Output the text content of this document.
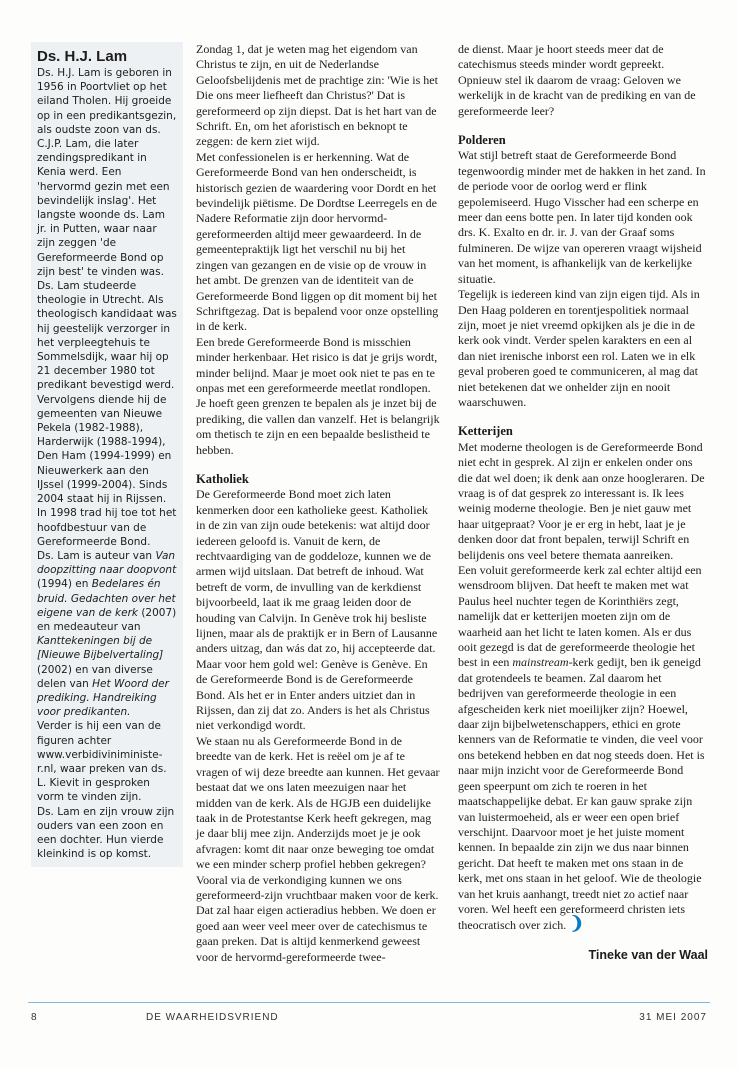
Ds. H.J. Lam

Ds. H.J. Lam is geboren in 1956 in Poortvliet op het eiland Tholen. Hij groeide op in een predikantsgezin, als oudste zoon van ds. C.J.P. Lam, die later zendingspredikant in Kenia werd. Een 'hervormd gezin met een bevindelijk inslag'. Het langste woonde ds. Lam jr. in Putten, waar naar zijn zeggen 'de Gereformeerde Bond op zijn best' te vinden was.

Ds. Lam studeerde theologie in Utrecht. Als theologisch kandidaat was hij geestelijk verzorger in het verpleegtehuis te Sommelsdijk, waar hij op 21 december 1980 tot predikant bevestigd werd. Vervolgens diende hij de gemeenten van Nieuwe Pekela (1982-1988), Harderwijk (1988-1994), Den Ham (1994-1999) en Nieuwerkerk aan den IJssel (1999-2004). Sinds 2004 staat hij in Rijssen. In 1998 trad hij toe tot het hoofdbestuur van de Gereformeerde Bond.

Ds. Lam is auteur van Van doopzitting naar doopvont (1994) en Bedelares én bruid. Gedachten over het eigene van de kerk (2007) en medeauteur van Kanttekeningen bij de [Nieuwe Bijbelvertaling] (2002) en van diverse delen van Het Woord der prediking. Handreiking voor predikanten.

Verder is hij een van de figuren achter www.verbidiviniminister.nl, waar preken van ds. L. Kievit in gesproken vorm te vinden zijn.

Ds. Lam en zijn vrouw zijn ouders van een zoon en een dochter. Hun vierde kleinkind is op komst.

Zondag 1, dat je weten mag het eigendom van Christus te zijn, en uit de Nederlandse Geloofsbelijdenis met de prachtige zin: 'Wie is het Die ons meer liefheeft dan Christus?' Dat is gereformeerd op zijn diepst. Dat is het hart van de Schrift. En, om het aforistisch en beknopt te zeggen: de kern ziet wijd.

Met confessionelen is er herkenning. Wat de Gereformeerde Bond van hen onderscheidt, is historisch gezien de waardering voor Dordt en het bevindelijk piëtisme. De Dordtse Leerregels en de Nadere Reformatie zijn door hervormd-gereformeerden altijd meer gewaardeerd. In de gemeentepraktijk ligt het verschil nu bij het zingen van gezangen en de visie op de vrouw in het ambt. De grenzen van de identiteit van de Gereformeerde Bond liggen op dit moment bij het Schriftgezag. Dat is bepalend voor onze opstelling in de kerk.

Een brede Gereformeerde Bond is misschien minder herkenbaar. Het risico is dat je grijs wordt, minder belijnd. Maar je moet ook niet te pas en te onpas met een gereformeerde meetlat rondlopen. Je hoeft geen grenzen te bepalen als je inzet bij de prediking, die vallen dan vanzelf. Het is belangrijk om thetisch te zijn en een bepaalde beslistheid te hebben.

Katholiek

De Gereformeerde Bond moet zich laten kenmerken door een katholieke geest. Katholiek in de zin van zijn oude betekenis: wat altijd door iedereen geloofd is. Vanuit de kern, de rechtvaardiging van de goddeloze, kunnen we de armen wijd uitslaan. Dat betreft de inhoud. Wat betreft de vorm, de invulling van de kerkdienst bijvoorbeeld, laat ik me graag leiden door de houding van Calvijn. In Genève trok hij besliste lijnen, maar als de praktijk er in Bern of Lausanne anders uitzag, dan wás dat zo, hij accepteerde dat. Maar voor hem gold wel: Genève is Genève. En de Gereformeerde Bond is de Gereformeerde Bond. Als het er in Enter anders uitziet dan in Rijssen, dan zij dat zo. Anders is het als Christus niet verkondigd wordt.

We staan nu als Gereformeerde Bond in de breedte van de kerk. Het is reëel om je af te vragen of wij deze breedte aan kunnen. Het gevaar bestaat dat we ons laten meezuigen naar het midden van de kerk. Als de HGJB een duidelijke taak in de Protestantse Kerk heeft gekregen, mag je daar blij mee zijn. Anderzijds moet je je ook afvragen: komt dit naar onze beweging toe omdat we een minder scherp profiel hebben gekregen?

Vooral via de verkondiging kunnen we ons gereformeerd-zijn vruchtbaar maken voor de kerk. Dat zal haar eigen actieradius hebben. We doen er goed aan weer veel meer over de catechismus te gaan preken. Dat is altijd kenmerkend geweest voor de hervormd-gereformeerde twee-

de dienst. Maar je hoort steeds meer dat de catechismus steeds minder wordt gepreekt. Opnieuw stel ik daarom de vraag: Geloven we werkelijk in de kracht van de prediking en van de gereformeerde leer?

Polderen

Wat stijl betreft staat de Gereformeerde Bond tegenwoordig minder met de hakken in het zand. In de periode voor de oorlog werd er flink gepolemiseerd. Hugo Visscher had een scherpe en meer dan eens botte pen. In later tijd konden ook drs. K. Exalto en dr. ir. J. van der Graaf soms fulmineren. De wijze van opereren vraagt wijsheid van het moment, is afhankelijk van de kerkelijke situatie.

Tegelijk is iedereen kind van zijn eigen tijd. Als in Den Haag polderen en torentjespolitiek normaal zijn, moet je niet vreemd opkijken als je die in de kerk ook vindt. Verder spelen karakters en een al dan niet irenische inborst een rol. Laten we in elk geval proberen goed te communiceren, al mag dat niet betekenen dat we onhelder zijn en nooit waarschuwen.

Ketterijen

Met moderne theologen is de Gereformeerde Bond niet echt in gesprek. Al zijn er enkelen onder ons die dat wel doen; ik denk aan onze hoogleraren. De vraag is of dat gesprek zo interessant is. Ik lees weinig moderne theologie. Ben je niet gauw met haar uitgepraat? Voor je er erg in hebt, laat je je denken door dat front bepalen, terwijl Schrift en belijdenis ons veel betere themata aanreiken.

Een voluit gereformeerde kerk zal echter altijd een wensdroom blijven. Dat heeft te maken met wat Paulus heel nuchter tegen de Korinthiërs zegt, namelijk dat er ketterijen moeten zijn om de waarheid aan het licht te laten komen. Als er dus ooit gezegd is dat de gereformeerde theologie het best in een mainstream-kerk gedijt, ben ik geneigd dat grotendeels te beamen. Zal daarom het bedrijven van gereformeerde theologie in een afgescheiden kerk niet moeilijker zijn? Hoewel, daar zijn bijbelwetenschappers, ethici en grote kenners van de Reformatie te vinden, die veel voor ons betekend hebben en dat nog steeds doen. Het is naar mijn inzicht voor de Gereformeerde Bond geen speerpunt om zich te roeren in het maatschappelijke debat. Er kan gauw sprake zijn van luistermoeheid, als er weer een open brief verschijnt. Daarvoor moet je het juiste moment kennen. In bepaalde zin zijn we dus naar binnen gericht. Dat heeft te maken met ons staan in de kerk, met ons staan in het geloof. Wie de theologie van het kruis aanhangt, treedt niet zo actief naar voren. Wel heeft een gereformeerd christen iets theocratisch over zich. ❩

Tineke van der Waal
8	DE WAARHEIDSVRIEND	31 MEI 2007
